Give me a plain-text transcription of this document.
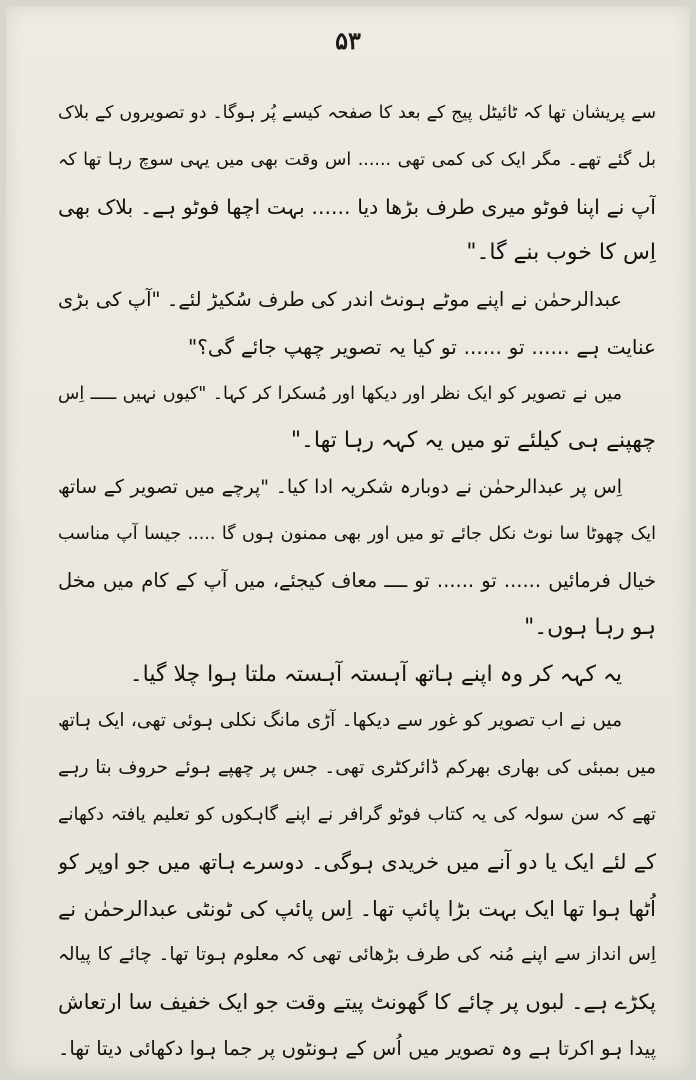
۵۳
سے پریشان تھا کہ ٹائیٹل پیج کے بعد کا صفحہ کیسے پُر ہوگا۔ دو تصویروں کے بلاک
بل گئے تھے۔ مگر ایک کی کمی تھی ...... اس وقت بھی میں یہی سوچ رہا تھا کہ
آپ نے اپنا فوٹو میری طرف بڑھا دیا ...... بہت اچھا فوٹو ہے۔ بلاک بھی
اِس کا خوب بنے گا۔"
عبدالرحمٰن نے اپنے موٹے ہونٹ اندر کی طرف سُکیڑ لئے۔ "آپ کی بڑی
عنایت ہے ...... تو ...... تو کیا یہ تصویر چھپ جائے گی؟"
میں نے تصویر کو ایک نظر اور دیکھا اور مُسکرا کر کہا۔ "کیوں نہیں ـــــ اِس
چھپنے ہی کیلئے تو میں یہ کہہ رہا تھا۔"
اِس پر عبدالرحمٰن نے دوبارہ شکریہ ادا کیا۔ "پرچے میں تصویر کے ساتھ
ایک چھوٹا سا نوٹ نکل جائے تو میں اور بھی ممنون ہوں گا ..... جیسا آپ مناسب
خیال فرمائیں ...... تو ...... تو ــــ معاف کیجئے، میں آپ کے کام میں مخل
ہو رہا ہوں۔"
یہ کہہ کر وہ اپنے ہاتھ آہستہ آہستہ ملتا ہوا چلا گیا۔
میں نے اب تصویر کو غور سے دیکھا۔ آڑی مانگ نکلی ہوئی تھی، ایک ہاتھ
میں بمبئی کی بھاری بھرکم ڈائرکٹری تھی۔ جس پر چھپے ہوئے حروف بتا رہے
تھے کہ سن سولہ کی یہ کتاب فوٹو گرافر نے اپنے گاہکوں کو تعلیم یافتہ دکھانے
کے لئے ایک یا دو آنے میں خریدی ہوگی۔ دوسرے ہاتھ میں جو اوپر کو
اُٹھا ہوا تھا ایک بہت بڑا پائپ تھا۔ اِس پائپ کی ٹونٹی عبدالرحمٰن نے
اِس انداز سے اپنے مُنہ کی طرف بڑھائی تھی کہ معلوم ہوتا تھا۔ چائے کا پیالہ
پکڑے ہے۔ لبوں پر چائے کا گھونٹ پیتے وقت جو ایک خفیف سا ارتعاش
پیدا ہو اکرتا ہے وہ تصویر میں اُس کے ہونٹوں پر جما ہوا دکھائی دیتا تھا۔
